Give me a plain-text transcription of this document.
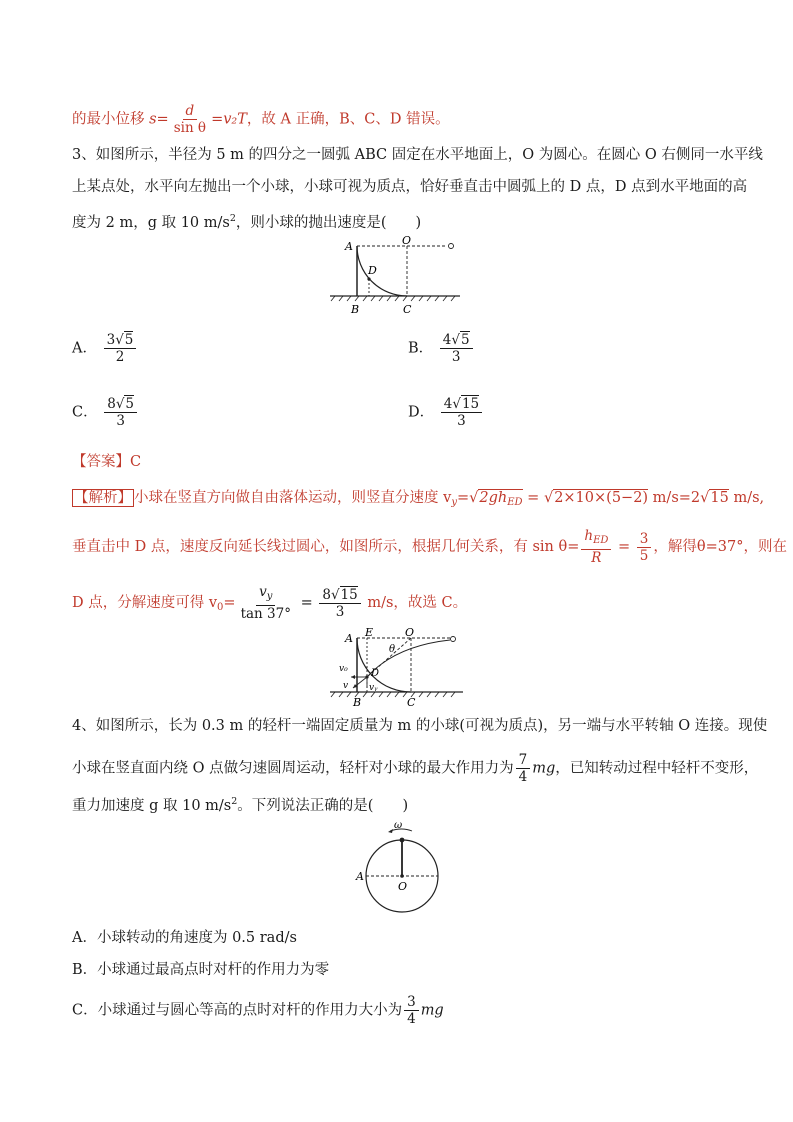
的最小位移 $s= \frac{d}{\text{sin θ}} =v_2T$，故 A 正确，B、C、D 错误。
3、如图所示，半径为 5 m 的四分之一圆弧 ABC 固定在水平地面上，O 为圆心。在圆心 O 右侧同一水平线
上某点处，水平向左抛出一个小球，小球可视为质点，恰好垂直击中圆弧上的 D 点，D 点到水平地面的高
度为 2 m，g 取 10 $m/s^2$，则小球的抛出速度是(　　)
A	O
D
B	C
A． $\frac{3√5}{2}$	B． $\frac{4√5}{3}$
C． $\frac{8√5}{3}$	D． $\frac{4√15}{3}$
【答案】C
【解析】 小球在竖直方向做自由落体运动，则竖直分速度 $v_y=√2gh_{ED} = √2\times 10\times(5-2)$ m/s=2√15 m/s,
垂直击中 D 点，速度反向延长线过圆心，如图所示，根据几何关系，有 $\sin \theta= \frac{h_{ED}}{R} = \frac{3}{5}$ ，解得θ=37°，则在
D 点，分解速度可得 $v_0= \frac{v_y}{\tan 37^\circ} = \frac{8√15}{3} m/s$，故选 C。
A E	O
θ
v₀
v vᵧ
D
B	C
4、如图所示，长为 0.3 m 的轻杆一端固定质量为 m 的小球(可视为质点)，另一端与水平转轴 O 连接。现使
小球在竖直面内绕 O 点做匀速圆周运动，轻杆对小球的最大作用力为 $\frac{7}{4}$ mg，已知转动过程中轻杆不变形，
重力加速度 g 取 10 $m/s^2$。下列说法正确的是(　　)
ω
A
O
A．小球转动的角速度为 0.5 rad/s
B．小球通过最高点时对杆的作用力为零
C．小球通过与圆心等高的点时对杆的作用力大小为 $\frac{3}{4}$ mg
